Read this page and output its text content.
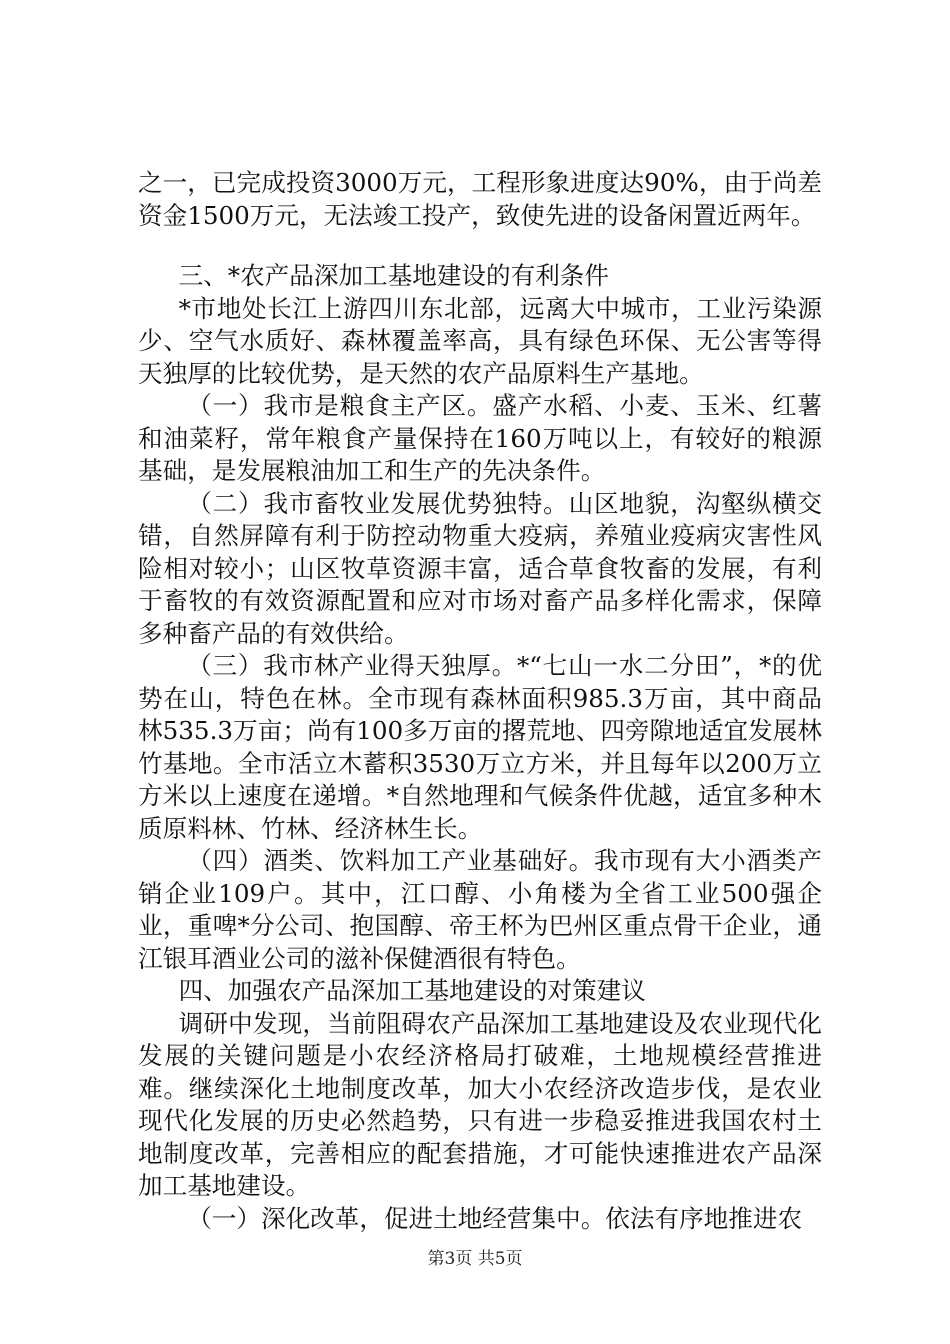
之一，已完成投资3000万元，工程形象进度达90%，由于尚差资金1500万元，无法竣工投产，致使先进的设备闲置近两年。

三、*农产品深加工基地建设的有利条件

*市地处长江上游四川东北部，远离大中城市，工业污染源少、空气水质好、森林覆盖率高，具有绿色环保、无公害等得天独厚的比较优势，是天然的农产品原料生产基地。

（一）我市是粮食主产区。盛产水稻、小麦、玉米、红薯和油菜籽，常年粮食产量保持在160万吨以上，有较好的粮源基础，是发展粮油加工和生产的先决条件。

（二）我市畜牧业发展优势独特。山区地貌，沟壑纵横交错，自然屏障有利于防控动物重大疫病，养殖业疫病灾害性风险相对较小；山区牧草资源丰富，适合草食牧畜的发展，有利于畜牧的有效资源配置和应对市场对畜产品多样化需求，保障多种畜产品的有效供给。

（三）我市林产业得天独厚。*“七山一水二分田”，*的优势在山，特色在林。全市现有森林面积985.3万亩，其中商品林535.3万亩；尚有100多万亩的撂荒地、四旁隙地适宜发展林竹基地。全市活立木蓄积3530万立方米，并且每年以200万立方米以上速度在递增。*自然地理和气候条件优越，适宜多种木质原料林、竹林、经济林生长。

（四）酒类、饮料加工产业基础好。我市现有大小酒类产销企业109户。其中，江口醇、小角楼为全省工业500强企业，重啤*分公司、抱国醇、帝王杯为巴州区重点骨干企业，通江银耳酒业公司的滋补保健酒很有特色。

四、加强农产品深加工基地建设的对策建议

调研中发现，当前阻碍农产品深加工基地建设及农业现代化发展的关键问题是小农经济格局打破难，土地规模经营推进难。继续深化土地制度改革，加大小农经济改造步伐，是农业现代化发展的历史必然趋势，只有进一步稳妥推进我国农村土地制度改革，完善相应的配套措施，才可能快速推进农产品深加工基地建设。

（一）深化改革，促进土地经营集中。依法有序地推进农

第3页 共5页
